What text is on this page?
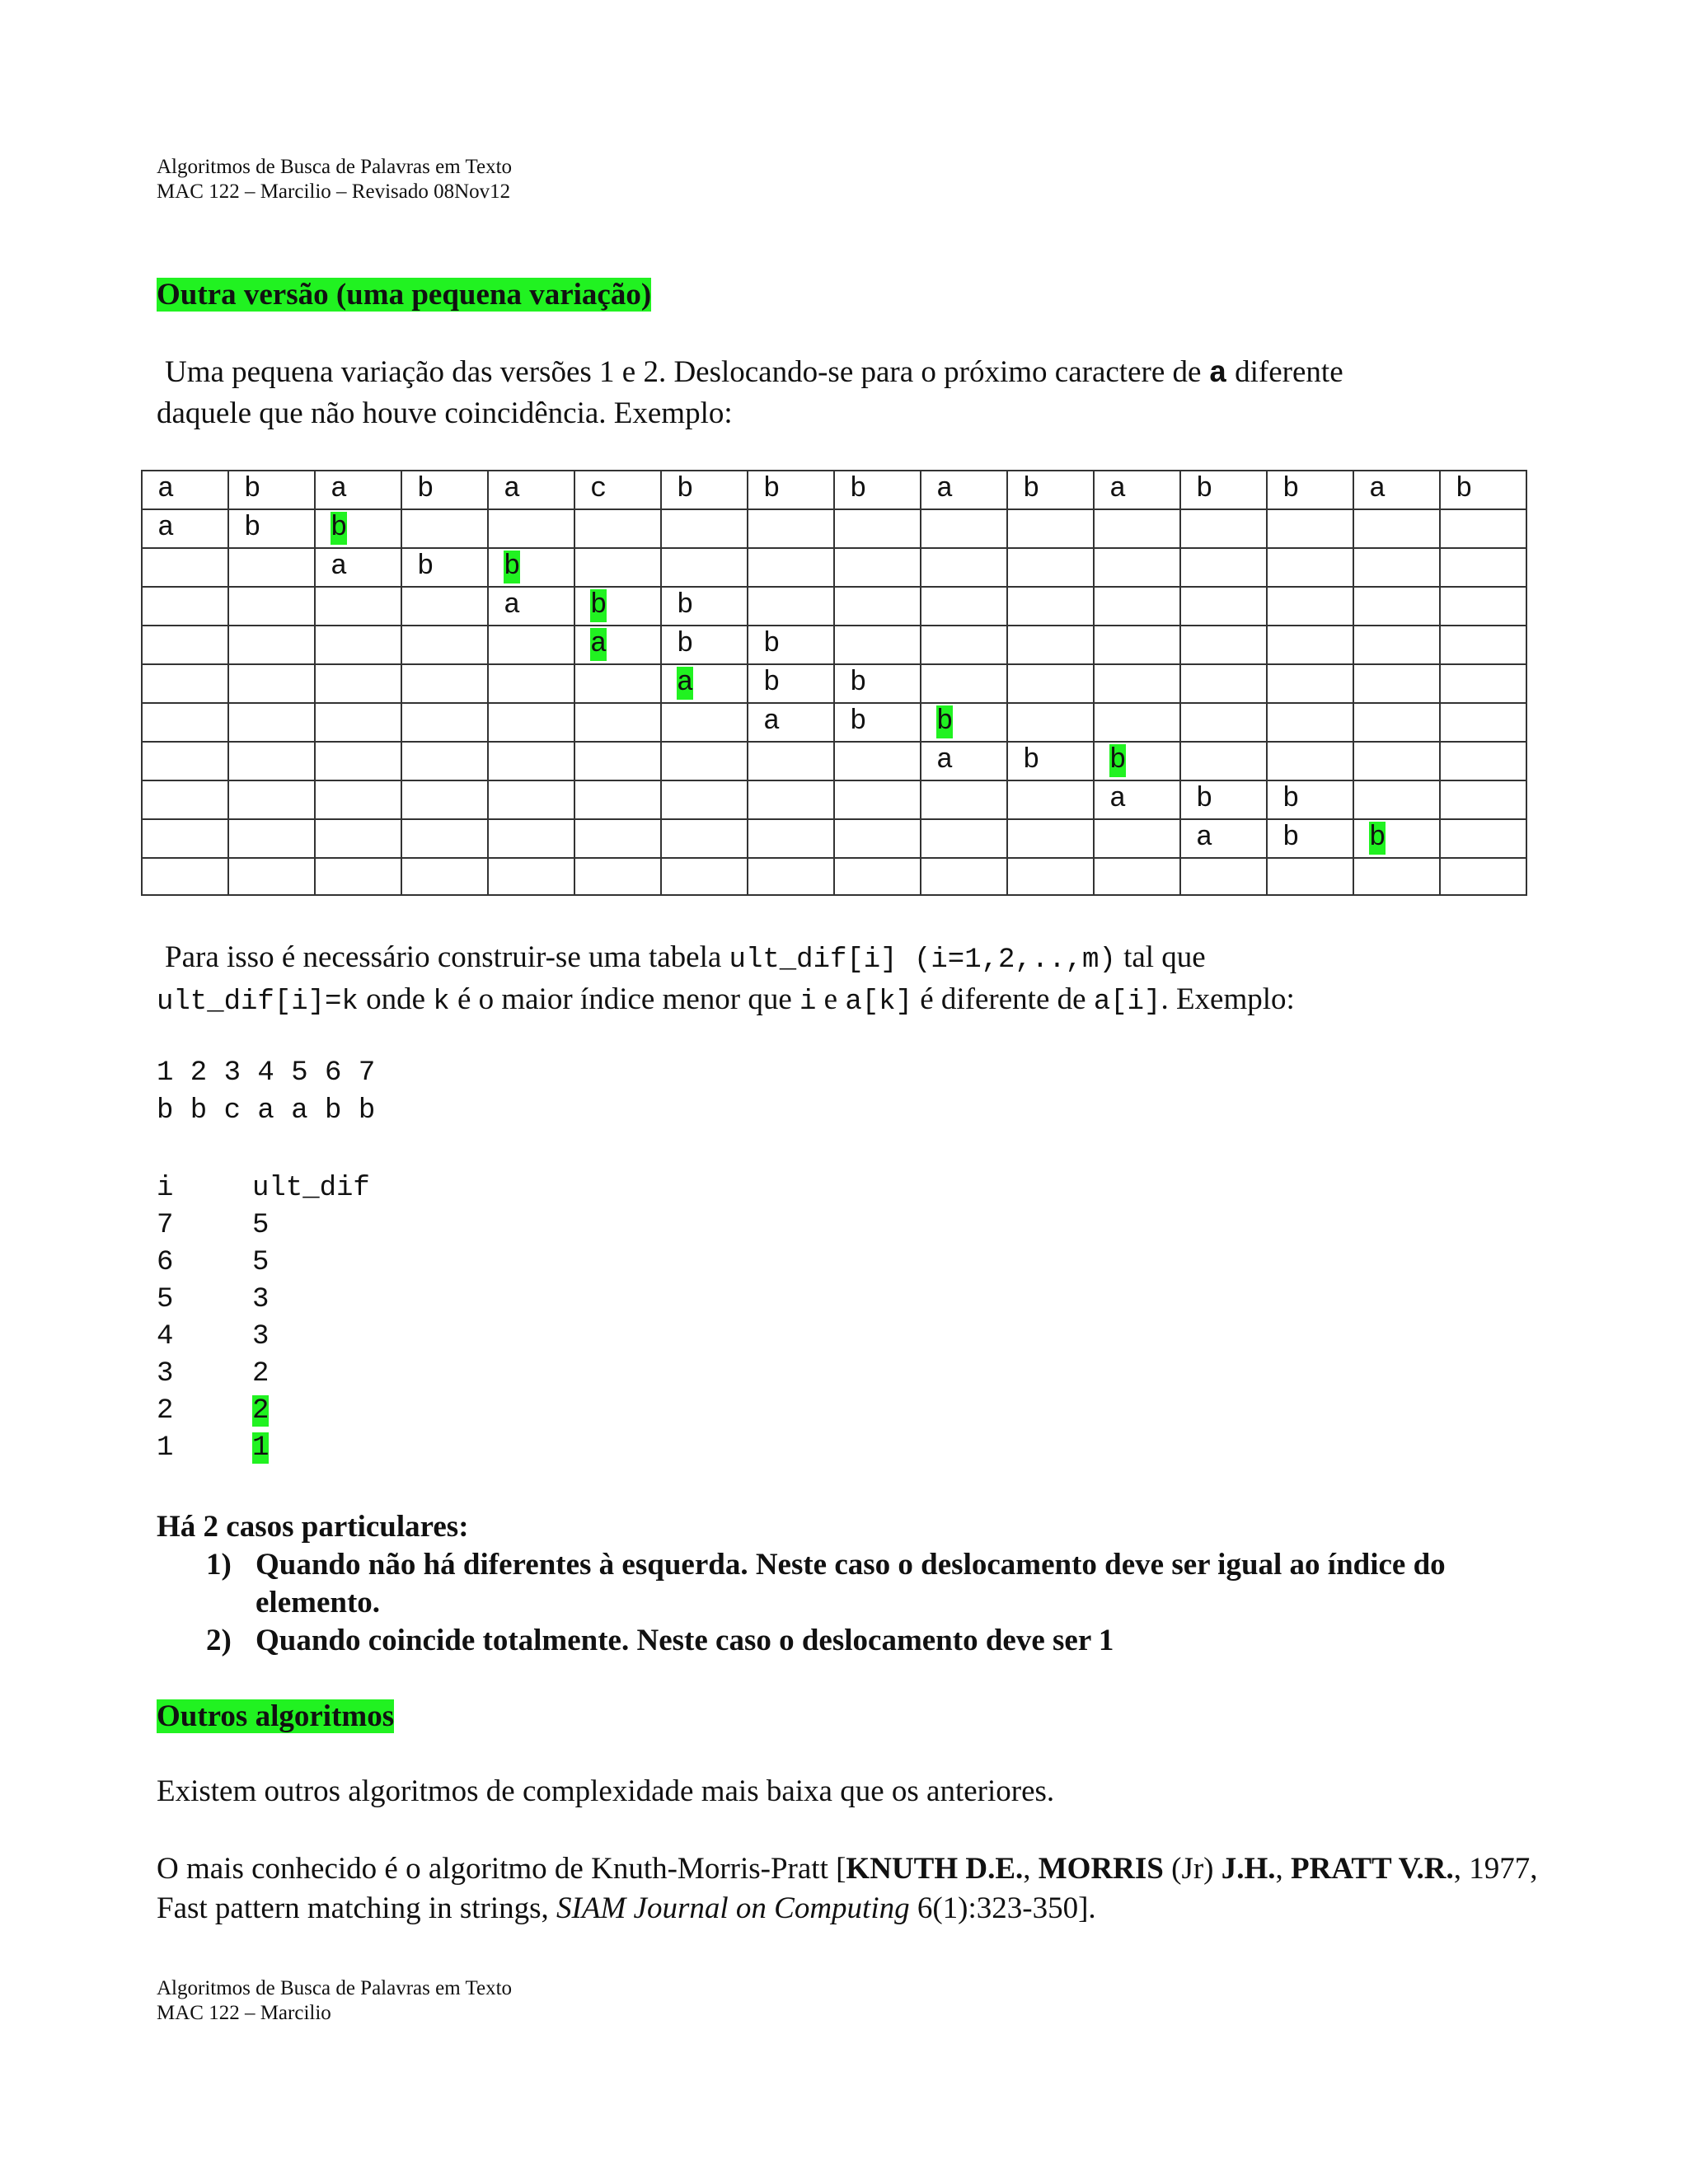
Algoritmos de Busca de Palavras em Texto
MAC 122 – Marcilio – Revisado 08Nov12
Outra versão (uma pequena variação)
Uma pequena variação das versões 1 e 2. Deslocando-se para o próximo caractere de a diferente
daquele que não houve coincidência. Exemplo:
a	b	a	b	a	c	b	b	b	a	b	a	b	b	a	b
a	b	b													
		a	b	b											
				a	b	b									
					a	b	b								
						a	b	b							
							a	b	b						
									a	b	b				
											a	b	b		
												a	b	b	

Para isso é necessário construir-se uma tabela ult_dif[i] (i=1,2,..,m) tal que
ult_dif[i]=k onde k é o maior índice menor que i e a[k] é diferente de a[i]. Exemplo:
1 2 3 4 5 6 7
b b c a a b b
i	ult_dif
7	5
6	5
5	3
4	3
3	2
2	2
1	1
Há 2 casos particulares:
1) Quando não há diferentes à esquerda. Neste caso o deslocamento deve ser igual ao índice do elemento.
2) Quando coincide totalmente. Neste caso o deslocamento deve ser 1
Outros algoritmos
Existem outros algoritmos de complexidade mais baixa que os anteriores.
O mais conhecido é o algoritmo de Knuth-Morris-Pratt [KNUTH D.E., MORRIS (Jr) J.H., PRATT V.R., 1977, Fast pattern matching in strings, SIAM Journal on Computing 6(1):323-350].
Algoritmos de Busca de Palavras em Texto
MAC 122 – Marcilio
